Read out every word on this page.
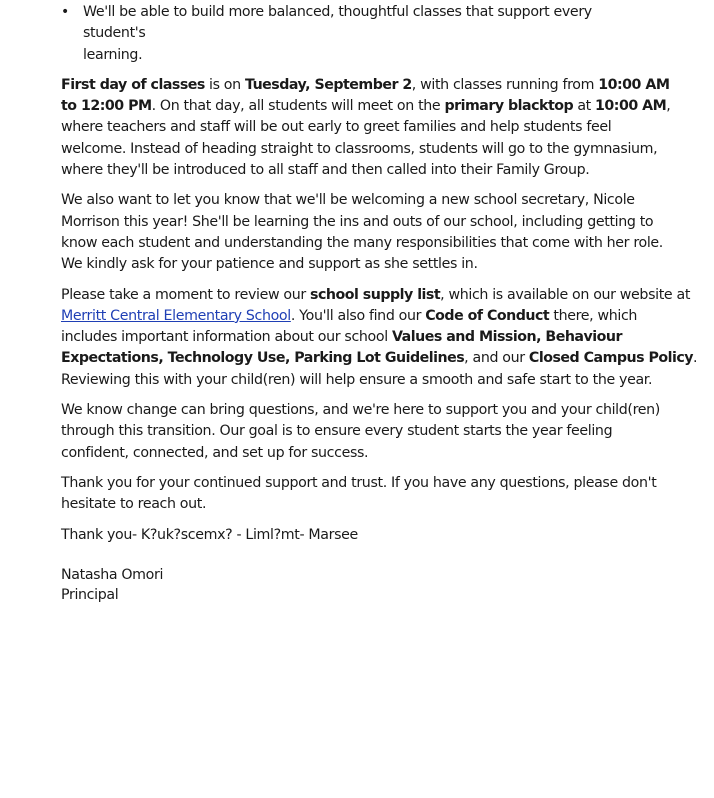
• We'll be able to build more balanced, thoughtful classes that support every student's
learning.

First day of classes is on Tuesday, September 2, with classes running from 10:00 AM
to 12:00 PM. On that day, all students will meet on the primary blacktop at 10:00 AM,
where teachers and staff will be out early to greet families and help students feel
welcome. Instead of heading straight to classrooms, students will go to the gymnasium,
where they'll be introduced to all staff and then called into their Family Group.

We also want to let you know that we'll be welcoming a new school secretary, Nicole
Morrison this year! She'll be learning the ins and outs of our school, including getting to
know each student and understanding the many responsibilities that come with her role.
We kindly ask for your patience and support as she settles in.

Please take a moment to review our school supply list, which is available on our website at
Merritt Central Elementary School. You'll also find our Code of Conduct there, which
includes important information about our school Values and Mission, Behaviour
Expectations, Technology Use, Parking Lot Guidelines, and our Closed Campus Policy.
Reviewing this with your child(ren) will help ensure a smooth and safe start to the year.

We know change can bring questions, and we're here to support you and your child(ren)
through this transition. Our goal is to ensure every student starts the year feeling
confident, connected, and set up for success.

Thank you for your continued support and trust. If you have any questions, please don't
hesitate to reach out.

Thank you- K?uk?scemx? - Liml?mt- Marsee

Natasha Omori
Principal
